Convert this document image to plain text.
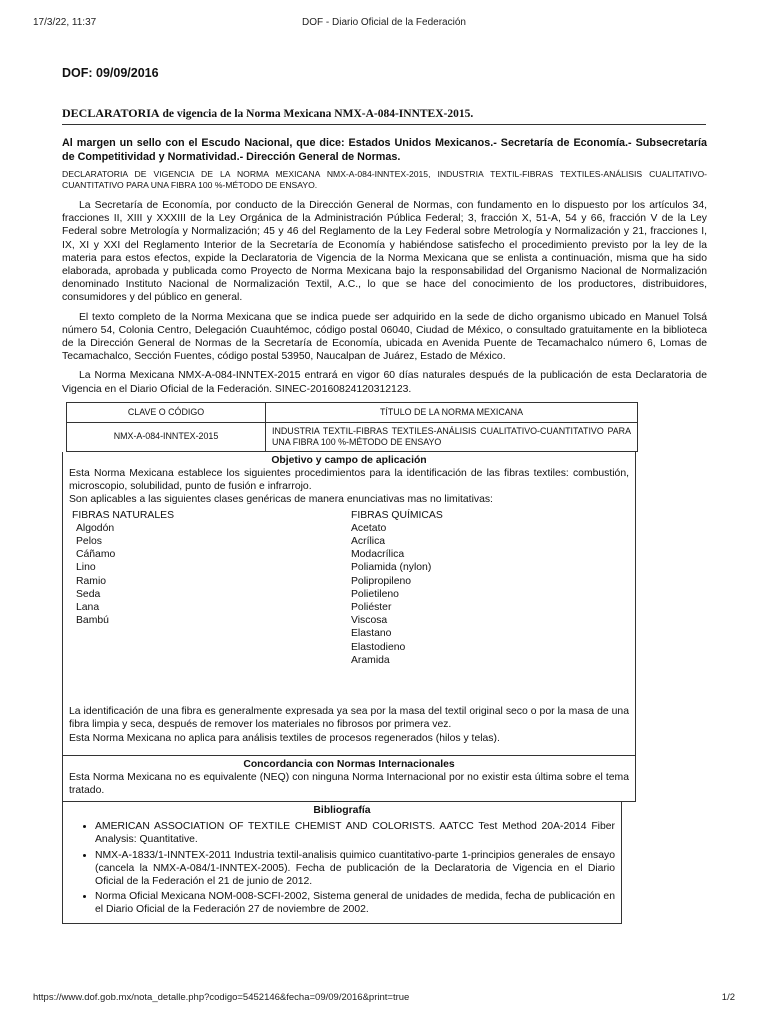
17/3/22, 11:37	DOF - Diario Oficial de la Federación
DOF: 09/09/2016
DECLARATORIA de vigencia de la Norma Mexicana NMX-A-084-INNTEX-2015.

Al margen un sello con el Escudo Nacional, que dice: Estados Unidos Mexicanos.- Secretaría de Economía.- Subsecretaría de Competitividad y Normatividad.- Dirección General de Normas.

DECLARATORIA DE VIGENCIA DE LA NORMA MEXICANA NMX-A-084-INNTEX-2015, INDUSTRIA TEXTIL-FIBRAS TEXTILES-ANÁLISIS CUALITATIVO-CUANTITATIVO PARA UNA FIBRA 100 %-MÉTODO DE ENSAYO.

La Secretaría de Economía, por conducto de la Dirección General de Normas, con fundamento en lo dispuesto por los artículos 34, fracciones II, XIII y XXXIII de la Ley Orgánica de la Administración Pública Federal; 3, fracción X, 51-A, 54 y 66, fracción V de la Ley Federal sobre Metrología y Normalización; 45 y 46 del Reglamento de la Ley Federal sobre Metrología y Normalización y 21, fracciones I, IX, XI y XXI del Reglamento Interior de la Secretaría de Economía y habiéndose satisfecho el procedimiento previsto por la ley de la materia para estos efectos, expide la Declaratoria de Vigencia de la Norma Mexicana que se enlista a continuación, misma que ha sido elaborada, aprobada y publicada como Proyecto de Norma Mexicana bajo la responsabilidad del Organismo Nacional de Normalización denominado Instituto Nacional de Normalización Textil, A.C., lo que se hace del conocimiento de los productores, distribuidores, consumidores y del público en general.

El texto completo de la Norma Mexicana que se indica puede ser adquirido en la sede de dicho organismo ubicado en Manuel Tolsá número 54, Colonia Centro, Delegación Cuauhtémoc, código postal 06040, Ciudad de México, o consultado gratuitamente en la biblioteca de la Dirección General de Normas de la Secretaría de Economía, ubicada en Avenida Puente de Tecamachalco número 6, Lomas de Tecamachalco, Sección Fuentes, código postal 53950, Naucalpan de Juárez, Estado de México.

La Norma Mexicana NMX-A-084-INNTEX-2015 entrará en vigor 60 días naturales después de la publicación de esta Declaratoria de Vigencia en el Diario Oficial de la Federación. SINEC-20160824120312123.

CLAVE O CÓDIGO	TÍTULO DE LA NORMA MEXICANA
NMX-A-084-INNTEX-2015	INDUSTRIA TEXTIL-FIBRAS TEXTILES-ANÁLISIS CUALITATIVO-CUANTITATIVO PARA UNA FIBRA 100 %-MÉTODO DE ENSAYO
Objetivo y campo de aplicación

Esta Norma Mexicana establece los siguientes procedimientos para la identificación de las fibras textiles: combustión, microscopio, solubilidad, punto de fusión e infrarrojo.

Son aplicables a las siguientes clases genéricas de manera enunciativas mas no limitativas:

FIBRAS NATURALES
Algodón
Pelos
Cáñamo
Lino
Ramio
Seda
Lana
Bambú
FIBRAS QUÍMICAS
Acetato
Acrílica
Modacrílica
Poliamida (nylon)
Polipropileno
Polietileno
Poliéster
Viscosa
Elastano
Elastodieno
Aramida

La identificación de una fibra es generalmente expresada ya sea por la masa del textil original seco o por la masa de una fibra limpia y seca, después de remover los materiales no fibrosos por primera vez.

Esta Norma Mexicana no aplica para análisis textiles de procesos regenerados (hilos y telas).

Concordancia con Normas Internacionales

Esta Norma Mexicana no es equivalente (NEQ) con ninguna Norma Internacional por no existir esta última sobre el tema tratado.

Bibliografía
• AMERICAN ASSOCIATION OF TEXTILE CHEMIST AND COLORISTS. AATCC Test Method 20A-2014 Fiber Analysis: Quantitative.
• NMX-A-1833/1-INNTEX-2011 Industria textil-analisis quimico cuantitativo-parte 1-principios generales de ensayo (cancela la NMX-A-084/1-INNTEX-2005). Fecha de publicación de la Declaratoria de Vigencia en el Diario Oficial de la Federación el 21 de junio de 2012.
• Norma Oficial Mexicana NOM-008-SCFI-2002, Sistema general de unidades de medida, fecha de publicación en el Diario Oficial de la Federación 27 de noviembre de 2002.
https://www.dof.gob.mx/nota_detalle.php?codigo=5452146&fecha=09/09/2016&print=true	1/2
